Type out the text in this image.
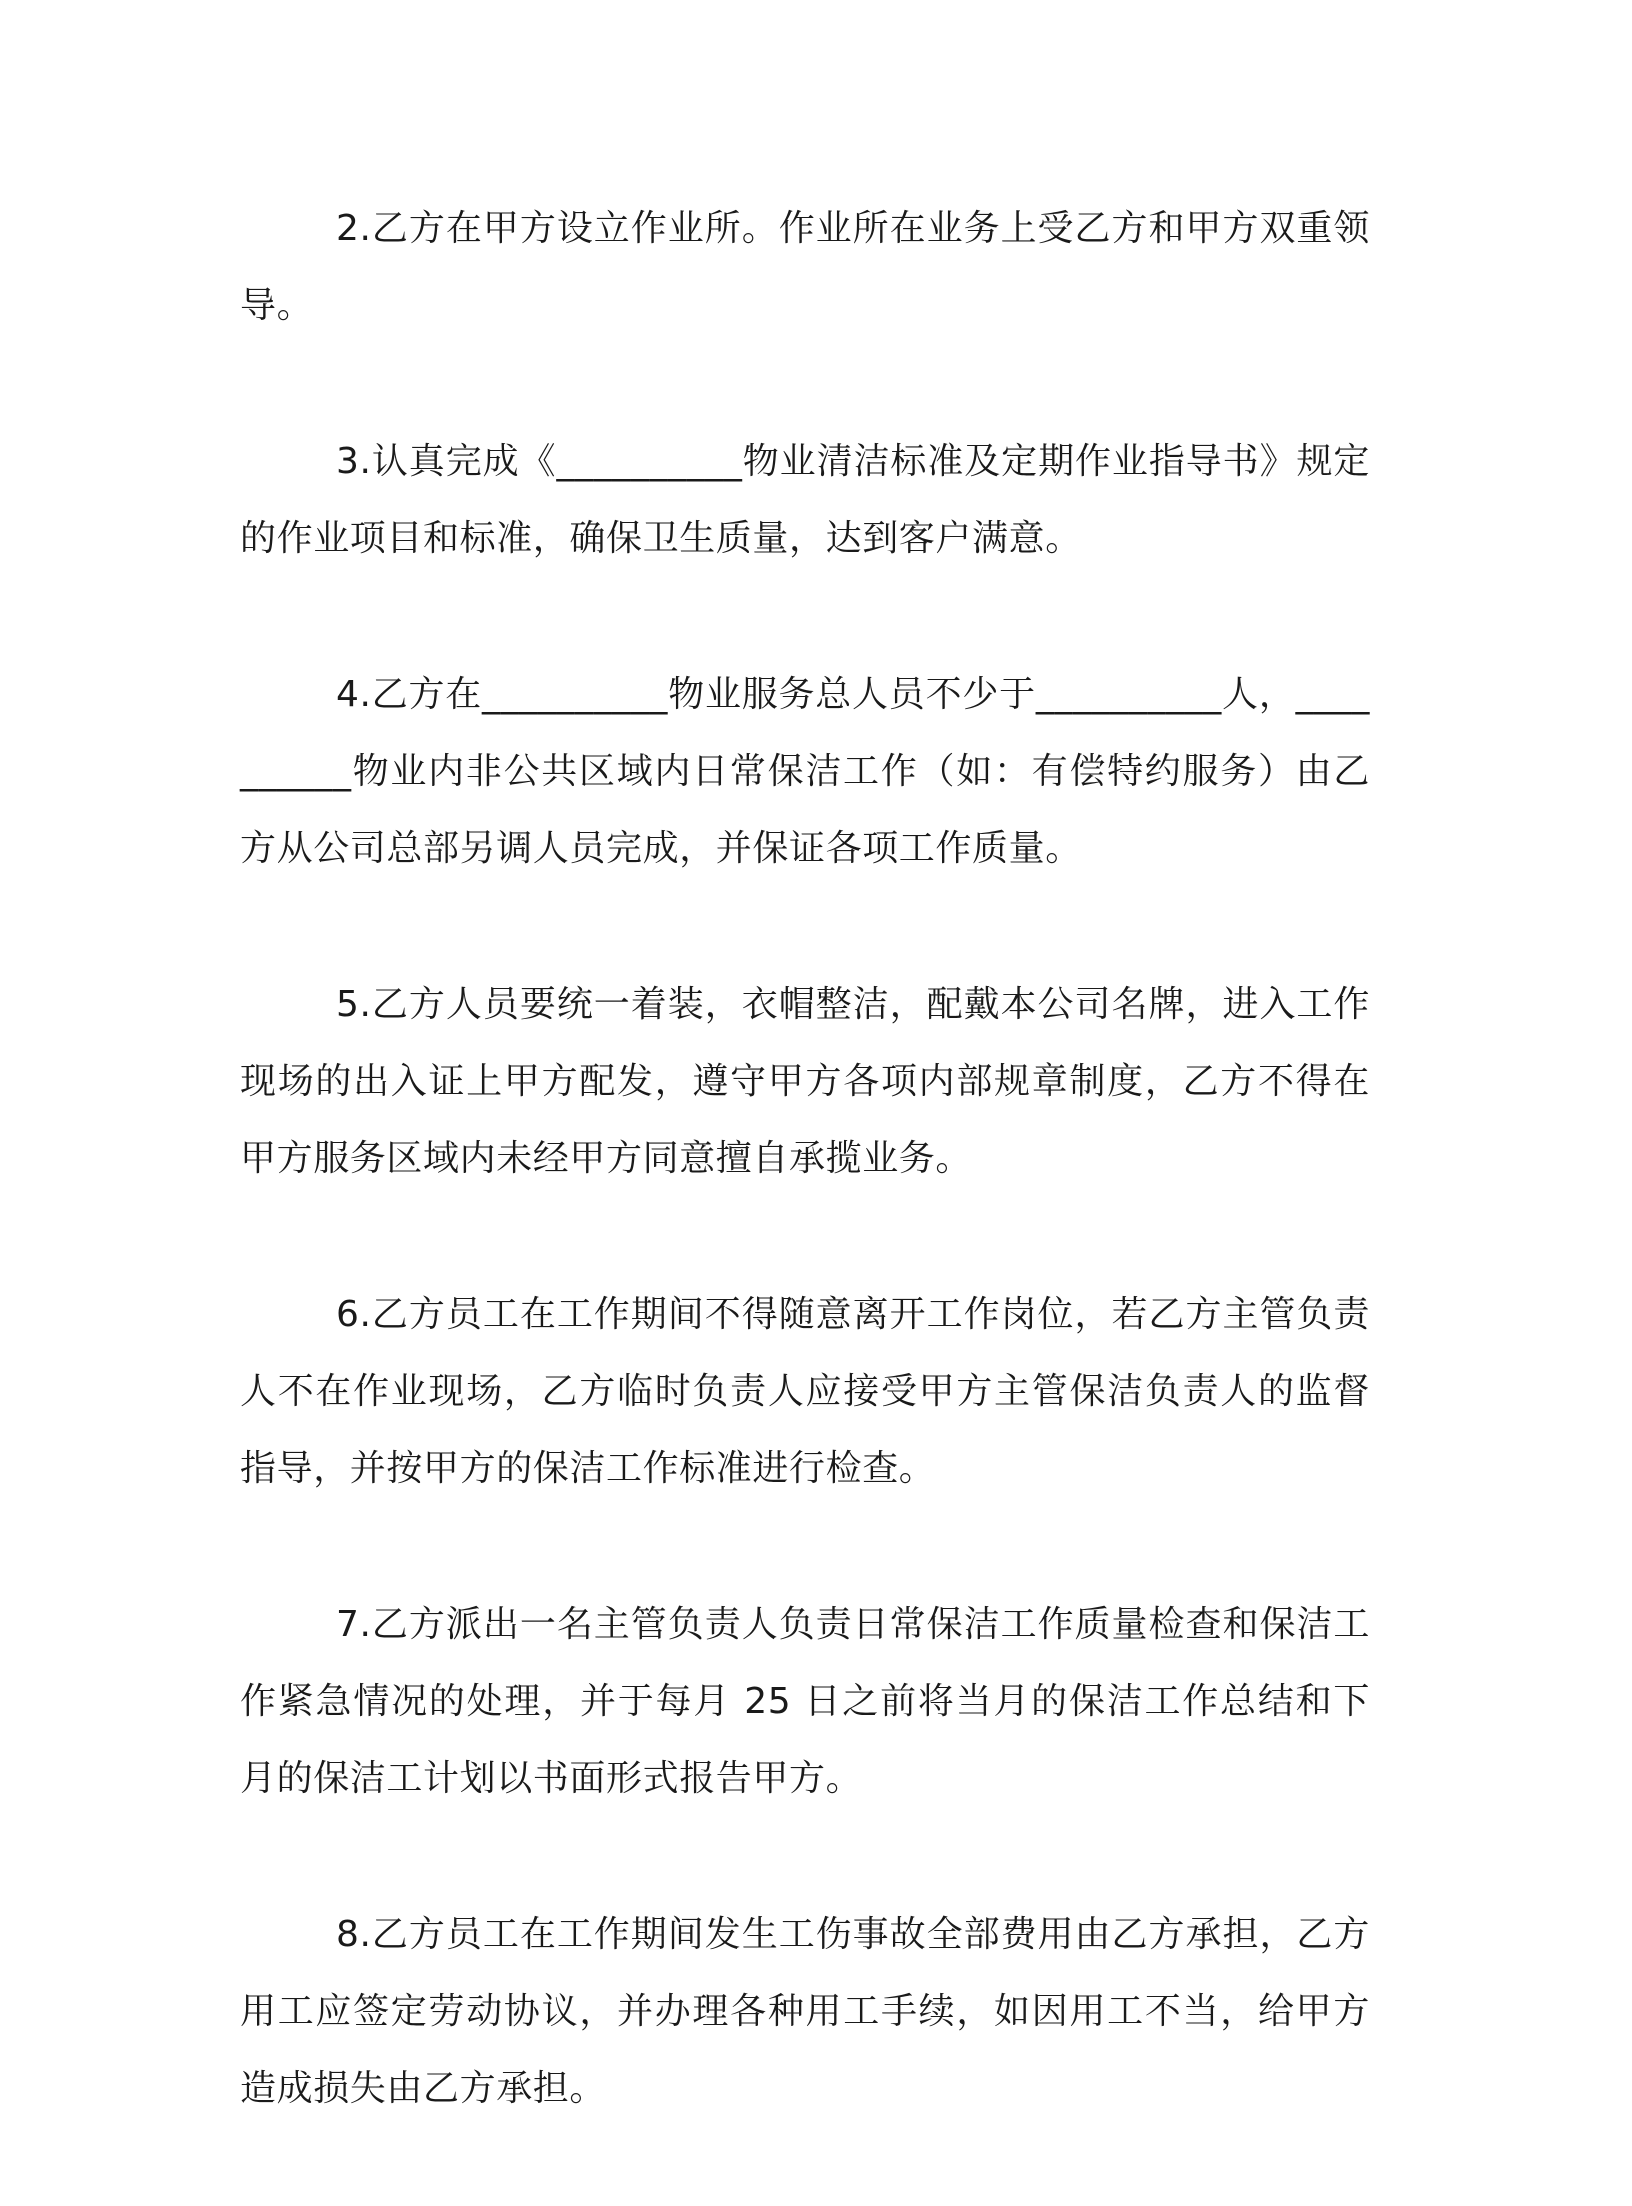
2.乙方在甲方设立作业所。作业所在业务上受乙方和甲方双重领导。

3.认真完成《__________物业清洁标准及定期作业指导书》规定的作业项目和标准，确保卫生质量，达到客户满意。

4.乙方在__________物业服务总人员不少于__________人，__________物业内非公共区域内日常保洁工作（如：有偿特约服务）由乙方从公司总部另调人员完成，并保证各项工作质量。

5.乙方人员要统一着装，衣帽整洁，配戴本公司名牌，进入工作现场的出入证上甲方配发，遵守甲方各项内部规章制度，乙方不得在甲方服务区域内未经甲方同意擅自承揽业务。

6.乙方员工在工作期间不得随意离开工作岗位，若乙方主管负责人不在作业现场，乙方临时负责人应接受甲方主管保洁负责人的监督指导，并按甲方的保洁工作标准进行检查。

7.乙方派出一名主管负责人负责日常保洁工作质量检查和保洁工作紧急情况的处理，并于每月 25 日之前将当月的保洁工作总结和下月的保洁工计划以书面形式报告甲方。

8.乙方员工在工作期间发生工伤事故全部费用由乙方承担，乙方用工应签定劳动协议，并办理各种用工手续，如因用工不当，给甲方造成损失由乙方承担。
